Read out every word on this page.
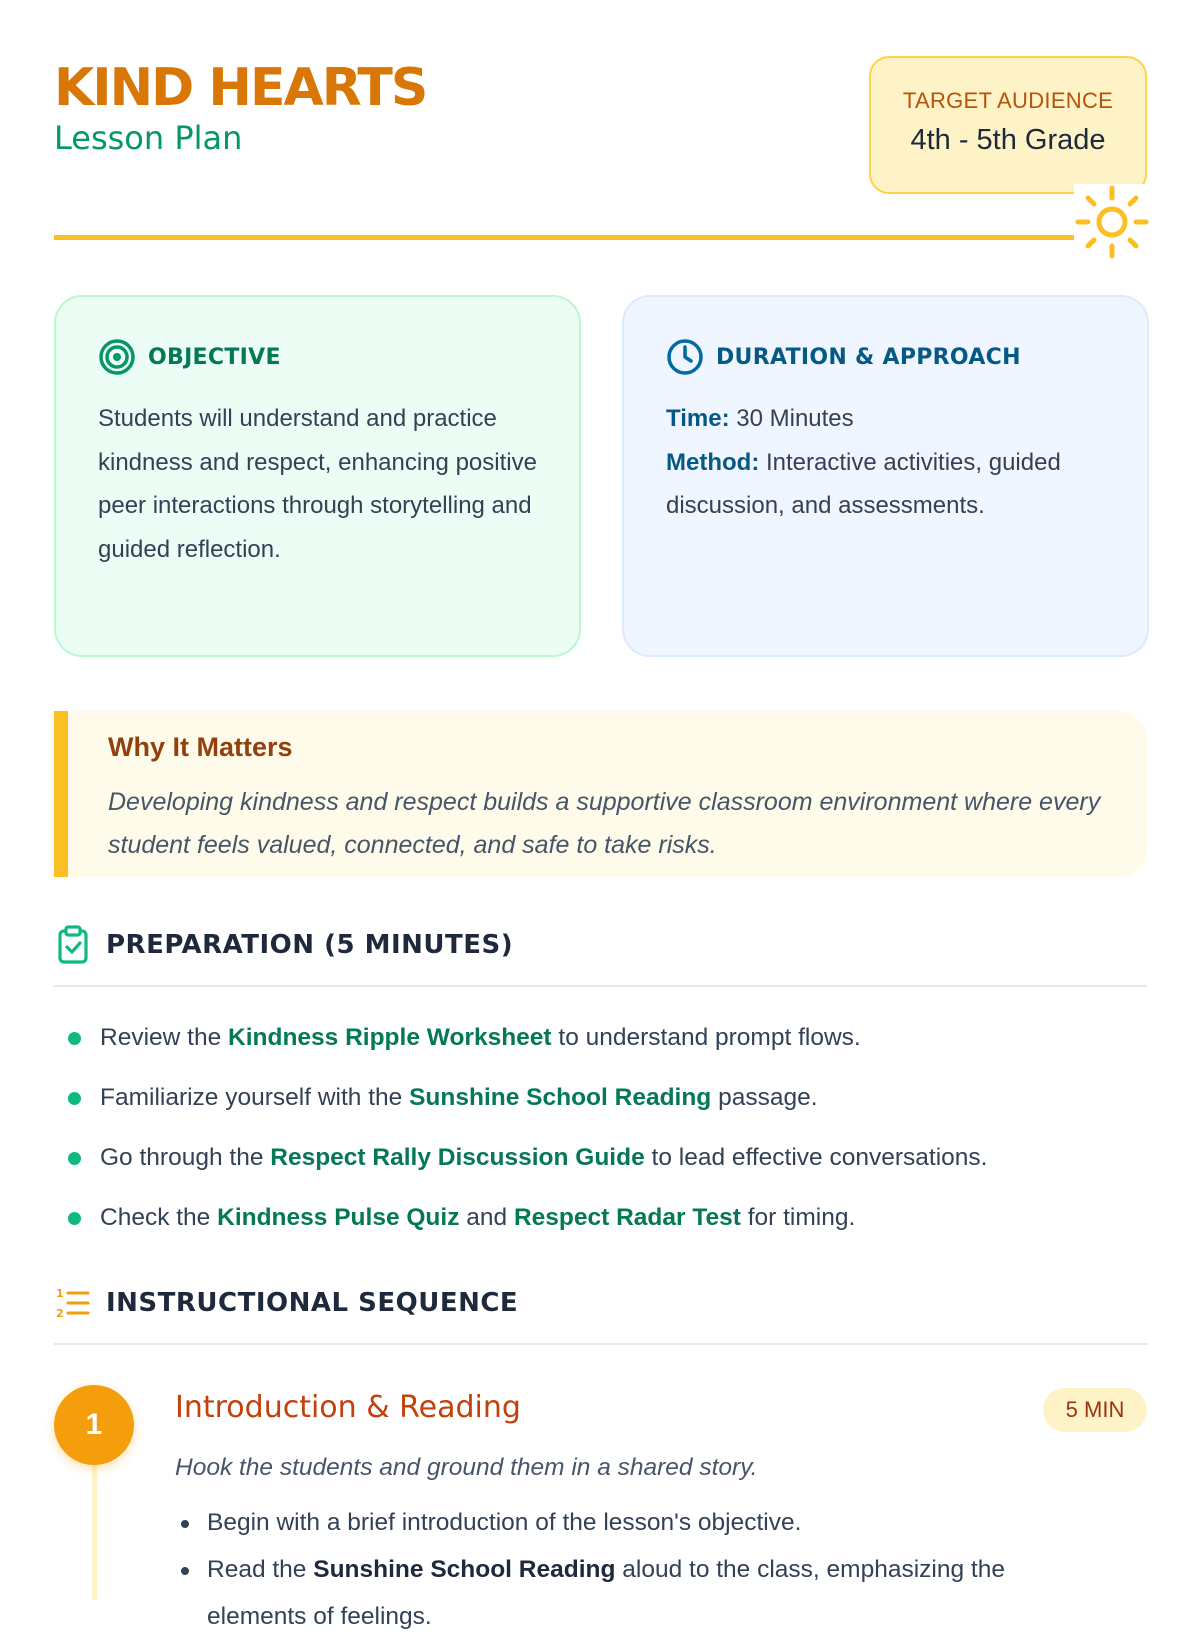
KIND HEARTS
Lesson Plan
TARGET AUDIENCE
4th - 5th Grade
OBJECTIVE
Students will understand and practice kindness and respect, enhancing positive peer interactions through storytelling and guided reflection.
DURATION & APPROACH
Time: 30 Minutes
Method: Interactive activities, guided discussion, and assessments.
Why It Matters
Developing kindness and respect builds a supportive classroom environment where every student feels valued, connected, and safe to take risks.
PREPARATION (5 MINUTES)
Review the Kindness Ripple Worksheet to understand prompt flows.
Familiarize yourself with the Sunshine School Reading passage.
Go through the Respect Rally Discussion Guide to lead effective conversations.
Check the Kindness Pulse Quiz and Respect Radar Test for timing.
1
2 INSTRUCTIONAL SEQUENCE
1	Introduction & Reading	5 MIN
Hook the students and ground them in a shared story.
Begin with a brief introduction of the lesson's objective.
Read the Sunshine School Reading aloud to the class, emphasizing the elements of feelings.
